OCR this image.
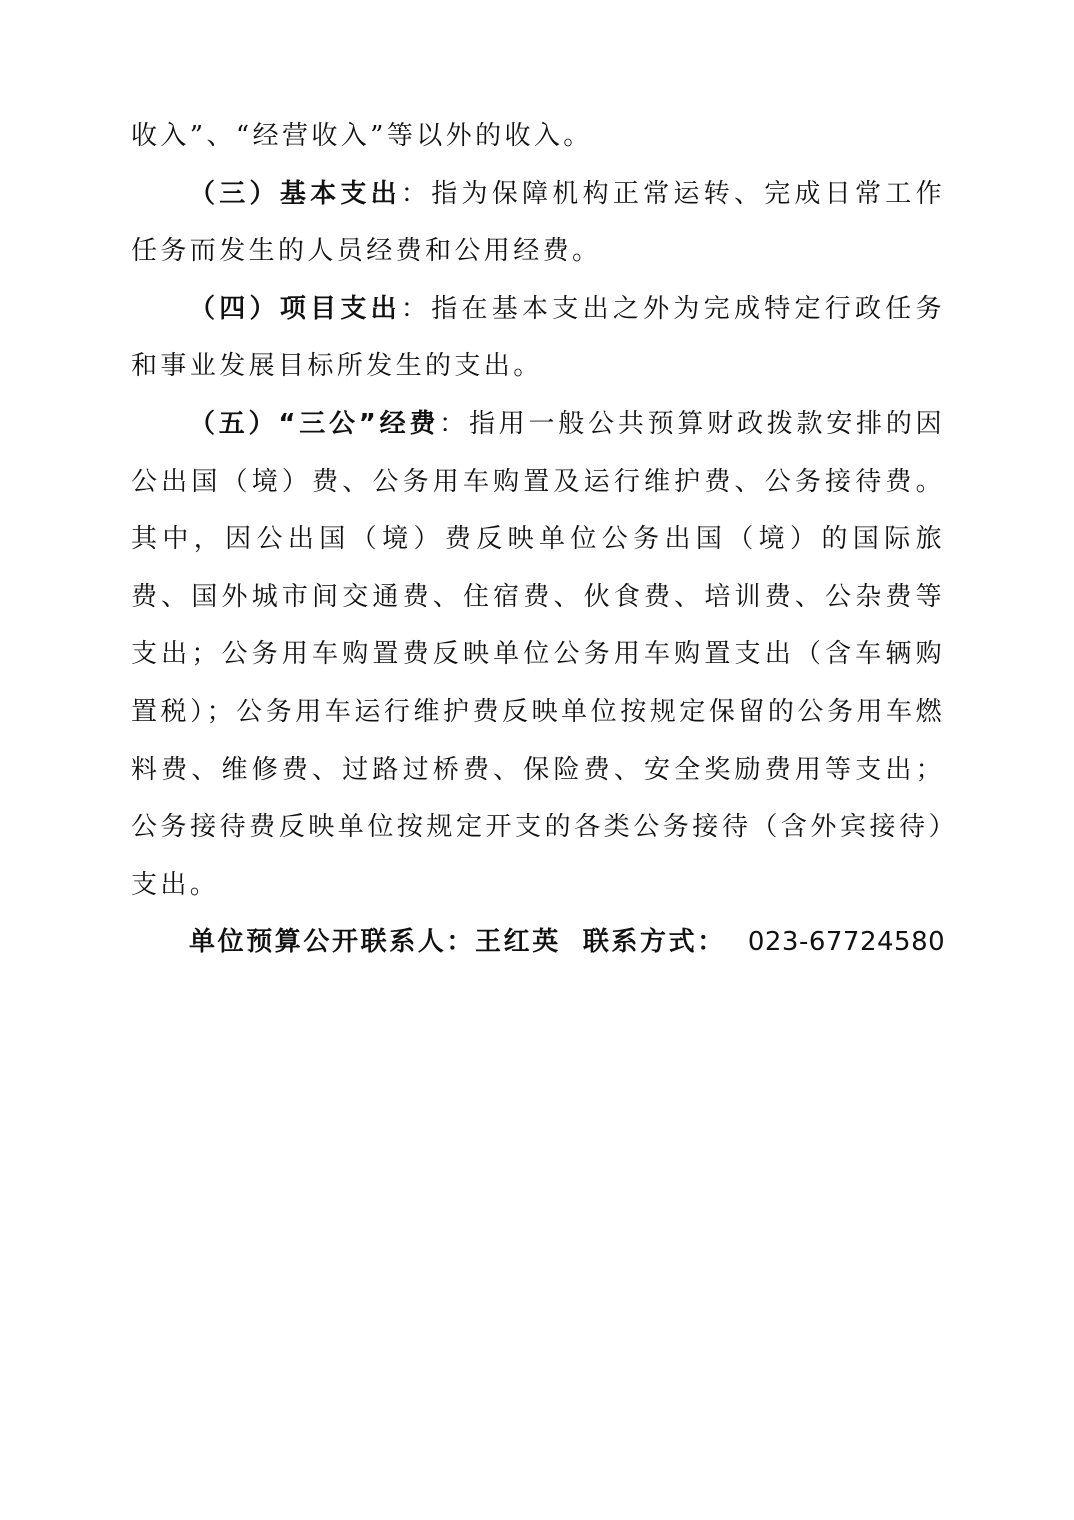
收入”、“经营收入”等以外的收入。

（三）基本支出：指为保障机构正常运转、完成日常工作任务而发生的人员经费和公用经费。

（四）项目支出：指在基本支出之外为完成特定行政任务和事业发展目标所发生的支出。

（五）“三公”经费：指用一般公共预算财政拨款安排的因公出国（境）费、公务用车购置及运行维护费、公务接待费。其中，因公出国（境）费反映单位公务出国（境）的国际旅费、国外城市间交通费、住宿费、伙食费、培训费、公杂费等支出；公务用车购置费反映单位公务用车购置支出（含车辆购置税）；公务用车运行维护费反映单位按规定保留的公务用车燃料费、维修费、过路过桥费、保险费、安全奖励费用等支出；公务接待费反映单位按规定开支的各类公务接待（含外宾接待）支出。

单位预算公开联系人：王红英 联系方式： 023-67724580
